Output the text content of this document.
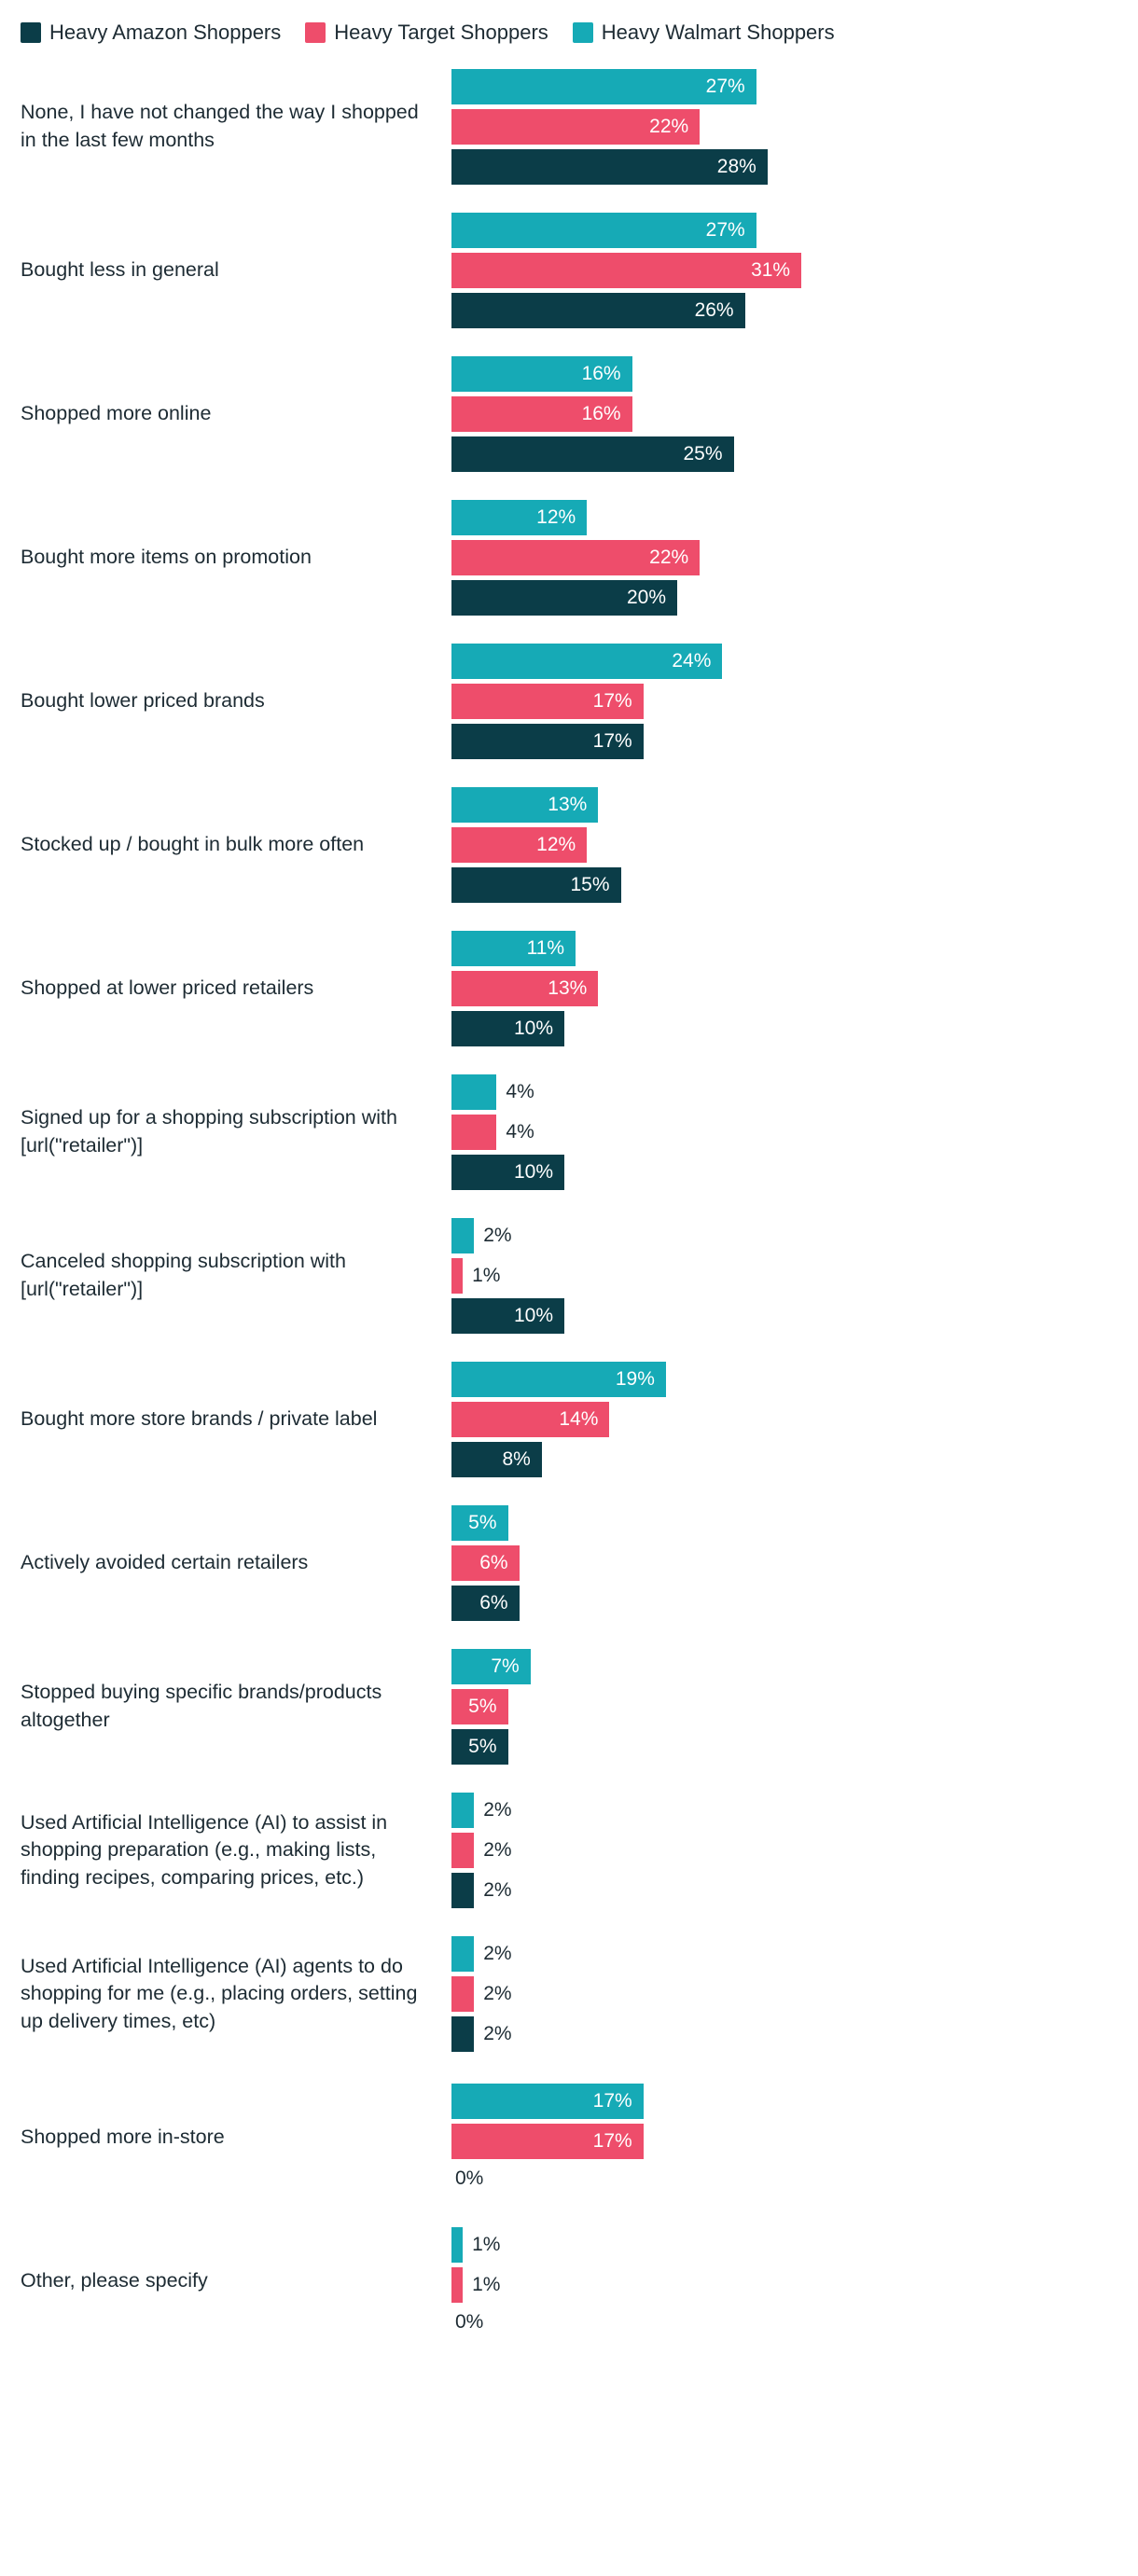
Heavy Amazon Shoppers	Heavy Target Shoppers	Heavy Walmart Shoppers
None, I have not changed the way I shopped in the last few months
27%
22%
28%
Bought less in general
27%
31%
26%
Shopped more online
16%
16%
25%
Bought more items on promotion
12%
22%
20%
Bought lower priced brands
24%
17%
17%
Stocked up / bought in bulk more often
13%
12%
15%
Shopped at lower priced retailers
11%
13%
10%
Signed up for a shopping subscription with [url("retailer")]
4%
4%
10%
Canceled shopping subscription with [url("retailer")]
2%
1%
10%
Bought more store brands / private label
19%
14%
8%
Actively avoided certain retailers
5%
6%
6%
Stopped buying specific brands/products altogether
7%
5%
5%
Used Artificial Intelligence (AI) to assist in shopping preparation (e.g., making lists, finding recipes, comparing prices, etc.)
2%
2%
2%
Used Artificial Intelligence (AI) agents to do shopping for me (e.g., placing orders, setting up delivery times, etc)
2%
2%
2%
Shopped more in-store
17%
17%
0%
Other, please specify
1%
1%
0%
